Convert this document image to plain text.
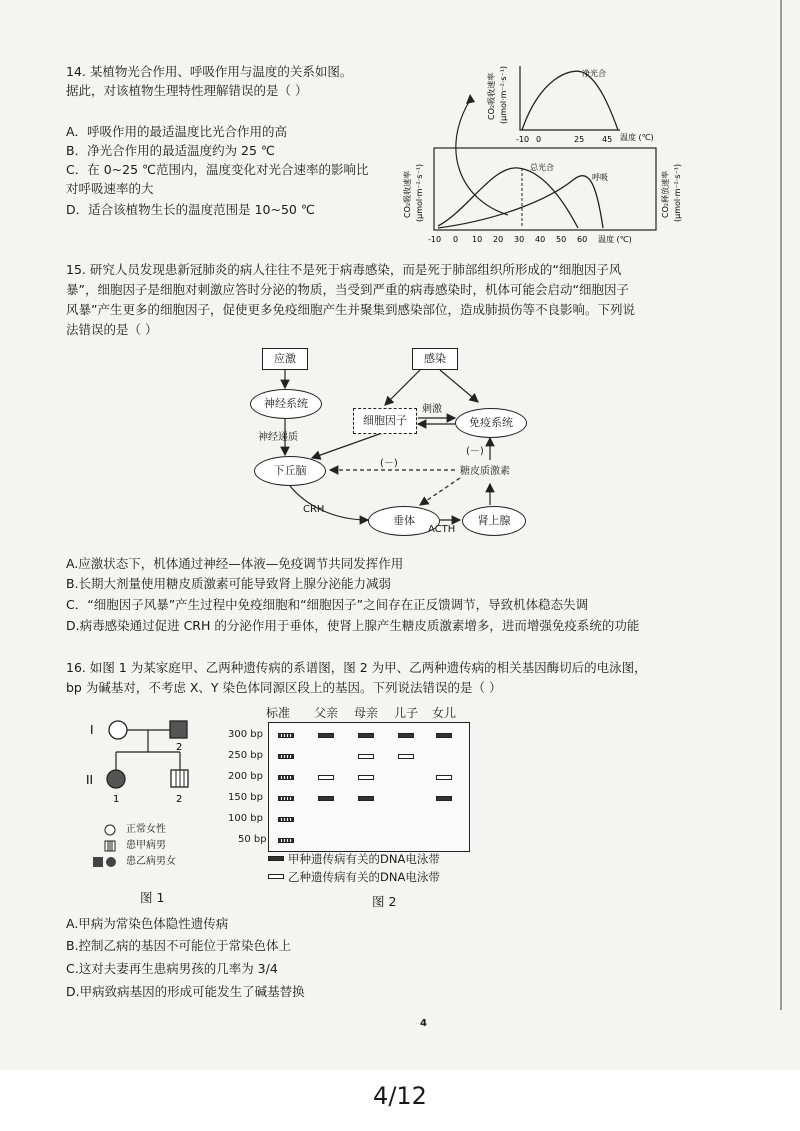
14. 某植物光合作用、呼吸作用与温度的关系如图。
据此，对该植物生理特性理解错误的是（ ）
A．呼吸作用的最适温度比光合作用的高
B．净光合作用的最适温度约为 25 ℃
C．在 0~25 ℃范围内，温度变化对光合速率的影响比
对呼吸速率的大
D．适合该植物生长的温度范围是 10~50 ℃
-10 0	25 45 温度 (℃)
净光合
CO₂吸收速率 (μmol·m⁻²·s⁻¹)
-10 0 10 20 30 40 50 60 温度 (℃)
总光合
呼吸
CO₂吸收速率 (μmol·m⁻²·s⁻¹)	CO₂释放速率 (μmol·m⁻²·s⁻¹)
15. 研究人员发现患新冠肺炎的病人往往不是死于病毒感染，而是死于肺部组织所形成的“细胞因子风
暴”，细胞因子是细胞对刺激应答时分泌的物质，当受到严重的病毒感染时，机体可能会启动“细胞因子
风暴”产生更多的细胞因子，促使更多免疫细胞产生并聚集到感染部位，造成肺损伤等不良影响。下列说
法错误的是（ ）
应激	感染
神经系统
细胞因子
刺激
免疫系统
神经递质
下丘脑
(－)
(－)
糖皮质激素
CRH
垂体
ACTH
肾上腺
A.应激状态下，机体通过神经—体液—免疫调节共同发挥作用
B.长期大剂量使用糖皮质激素可能导致肾上腺分泌能力减弱
C．“细胞因子风暴”产生过程中免疫细胞和“细胞因子”之间存在正反馈调节，导致机体稳态失调
D.病毒感染通过促进 CRH 的分泌作用于垂体，使肾上腺产生糖皮质激素增多，进而增强免疫系统的功能
16. 如图 1 为某家庭甲、乙两种遗传病的系谱图，图 2 为甲、乙两种遗传病的相关基因酶切后的电泳图，
bp 为碱基对，不考虑 X、Y 染色体同源区段上的基因。下列说法错误的是（ ）
I
II
2
1	2
正常女性
患甲病男
患乙病男女
图 1
标准 父亲 母亲 儿子 女儿
300 bp
250 bp
200 bp
150 bp
100 bp
50 bp
甲种遗传病有关的DNA电泳带
乙种遗传病有关的DNA电泳带
图 2
A.甲病为常染色体隐性遗传病
B.控制乙病的基因不可能位于常染色体上
C.这对夫妻再生患病男孩的几率为 3/4
D.甲病致病基因的形成可能发生了碱基替换
4
4/12
